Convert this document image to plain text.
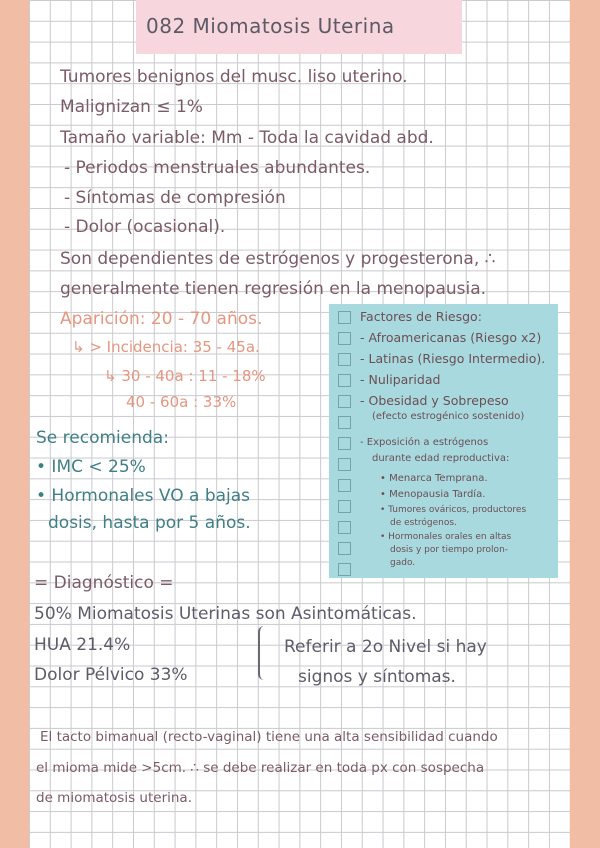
082 Miomatosis Uterina
Tumores benignos del musc. liso uterino.
Malignizan ≤ 1%
Tamaño variable: Mm - Toda la cavidad abd.
- Periodos menstruales abundantes.
- Síntomas de compresión
- Dolor (ocasional).
Son dependientes de estrógenos y progesterona, ∴
generalmente tienen regresión en la menopausia.
Aparición: 20 - 70 años.
↳ > Incidencia: 35 - 45a.
↳ 30 - 40a : 11 - 18%
40 - 60a : 33%
Factores de Riesgo:
- Afroamericanas (Riesgo x2)
- Latinas (Riesgo Intermedio).
- Nuliparidad
- Obesidad y Sobrepeso
(efecto estrogénico sostenido)
- Exposición a estrógenos
durante edad reproductiva:
• Menarca Temprana.
• Menopausia Tardía.
• Tumores ováricos, productores
de estrógenos.
• Hormonales orales en altas
dosis y por tiempo prolon-
gado.
Se recomienda:
• IMC < 25%
• Hormonales VO a bajas
dosis, hasta por 5 años.
= Diagnóstico =
50% Miomatosis Uterinas son Asintomáticas.
HUA 21.4%
Dolor Pélvico 33%
Referir a 2o Nivel si hay
signos y síntomas.
El tacto bimanual (recto-vaginal) tiene una alta sensibilidad cuando
el mioma mide >5cm. ∴ se debe realizar en toda px con sospecha
de miomatosis uterina.
